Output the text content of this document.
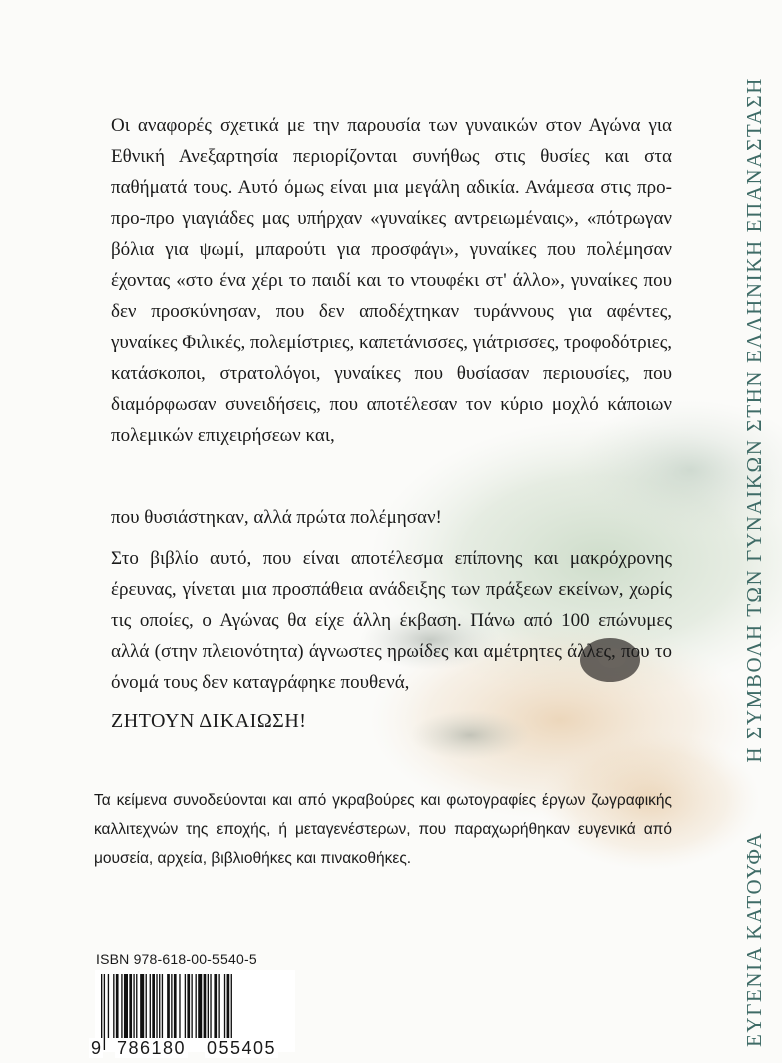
Οι αναφορές σχετικά με την παρουσία των γυναικών στον Αγώνα για Εθνική Ανεξαρτησία περιορίζονται συνήθως στις θυσίες και στα παθήματά τους. Αυτό όμως είναι μια μεγάλη αδικία. Ανάμεσα στις προ-προ-προ γιαγιάδες μας υπήρχαν «γυναίκες αντρειωμέναις», «πότρωγαν βόλια για ψωμί, μπαρούτι για προσφάγι», γυναίκες που πολέμησαν έχοντας «στο ένα χέρι το παιδί και το ντουφέκι στ' άλλο», γυναίκες που δεν προσκύνησαν, που δεν αποδέχτηκαν τυράννους για αφέντες, γυναίκες Φιλικές, πολεμίστριες, καπετάνισσες, γιάτρισσες, τροφοδότριες, κατάσκοποι, στρατολόγοι, γυναίκες που θυσίασαν περιουσίες, που διαμόρφωσαν συνειδήσεις, που αποτέλεσαν τον κύριο μοχλό κάποιων πολεμικών επιχειρήσεων και,

που θυσιάστηκαν, αλλά πρώτα πολέμησαν!

Στο βιβλίο αυτό, που είναι αποτέλεσμα επίπονης και μακρόχρονης έρευνας, γίνεται μια προσπάθεια ανάδειξης των πράξεων εκείνων, χωρίς τις οποίες, ο Αγώνας θα είχε άλλη έκβαση. Πάνω από 100 επώνυμες αλλά (στην πλειονότητα) άγνωστες ηρωίδες και αμέτρητες άλλες, που το όνομά τους δεν καταγράφηκε πουθενά,

ΖΗΤΟΥΝ ΔΙΚΑΙΩΣΗ!

Τα κείμενα συνοδεύονται και από γκραβούρες και φωτογραφίες έργων ζωγραφικής καλλιτεχνών της εποχής, ή μεταγενέστερων, που παραχωρήθηκαν ευγενικά από μουσεία, αρχεία, βιβλιοθήκες και πινακοθήκες.

ISBN 978-618-00-5540-5
9 786180 055405
ΕΥΓΕΝΙΑ ΚΑΤΟΥΦΑ
Η ΣΥΜΒΟΛΗ ΤΩΝ ΓΥΝΑΙΚΩΝ ΣΤΗΝ ΕΛΛΗΝΙΚΗ ΕΠΑΝΑΣΤΑΣΗ
